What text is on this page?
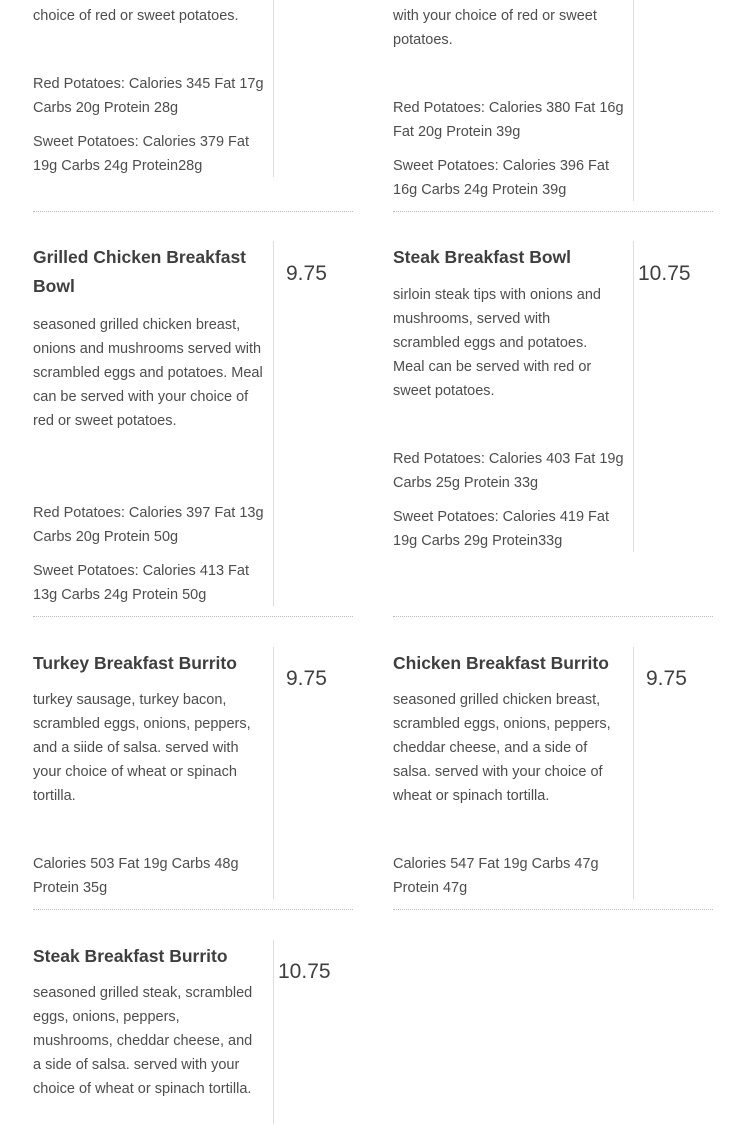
choice of red or sweet potatoes.
Red Potatoes: Calories 345 Fat 17g Carbs 20g Protein 28g
Sweet Potatoes: Calories 379 Fat 19g Carbs 24g Protein28g
with your choice of red or sweet potatoes.
Red Potatoes: Calories 380 Fat 16g Fat 20g Protein 39g
Sweet Potatoes: Calories 396 Fat 16g Carbs 24g Protein 39g
Grilled Chicken Breakfast Bowl
9.75
seasoned grilled chicken breast, onions and mushrooms served with scrambled eggs and potatoes. Meal can be served with your choice of red or sweet potatoes.
Red Potatoes: Calories 397 Fat 13g Carbs 20g Protein 50g
Sweet Potatoes: Calories 413 Fat 13g Carbs 24g Protein 50g
Steak Breakfast Bowl
10.75
sirloin steak tips with onions and mushrooms, served with scrambled eggs and potatoes. Meal can be served with red or sweet potatoes.
Red Potatoes: Calories 403 Fat 19g Carbs 25g Protein 33g
Sweet Potatoes: Calories 419 Fat 19g Carbs 29g Protein33g
Turkey Breakfast Burrito
9.75
turkey sausage, turkey bacon, scrambled eggs, onions, peppers, and a siide of salsa. served with your choice of wheat or spinach tortilla.
Calories 503 Fat 19g Carbs 48g Protein 35g
Chicken Breakfast Burrito
9.75
seasoned grilled chicken breast, scrambled eggs, onions, peppers, cheddar cheese, and a side of salsa. served with your choice of wheat or spinach tortilla.
Calories 547 Fat 19g Carbs 47g Protein 47g
Steak Breakfast Burrito
10.75
seasoned grilled steak, scrambled eggs, onions, peppers, mushrooms, cheddar cheese, and a side of salsa. served with your choice of wheat or spinach tortilla.
